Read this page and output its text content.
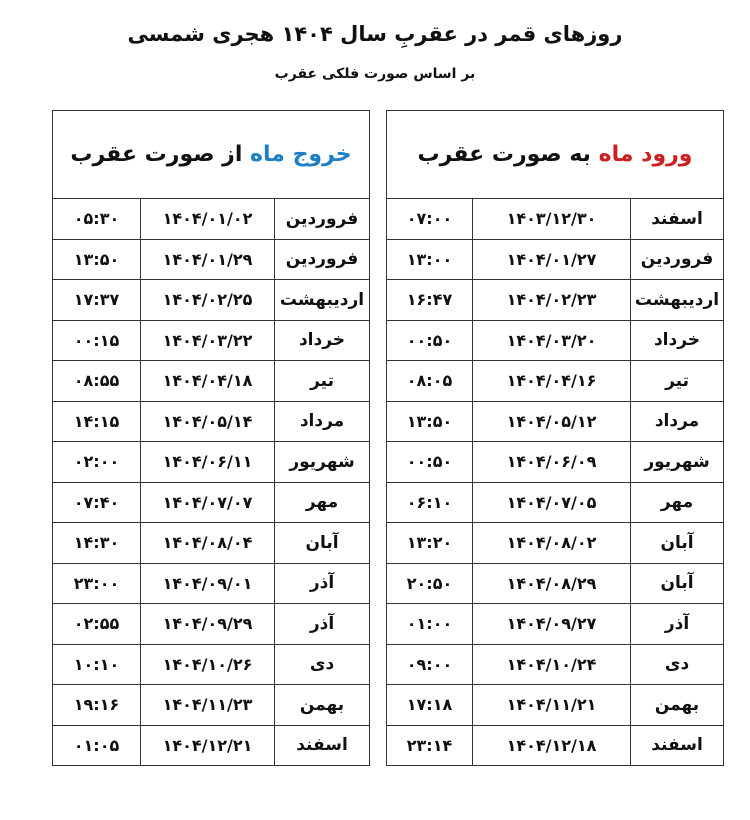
روزهای قمر در عقربِ سال ۱۴۰۴ هجری شمسی
بر اساس صورت فلکی عقرب
ورود ماه به صورت عقرب		
اسفند	۱۴۰۳/۱۲/۳۰	۰۷:۰۰
فروردین	۱۴۰۴/۰۱/۲۷	۱۳:۰۰
اردیبهشت	۱۴۰۴/۰۲/۲۳	۱۶:۴۷
خرداد	۱۴۰۴/۰۳/۲۰	۰۰:۵۰
تیر	۱۴۰۴/۰۴/۱۶	۰۸:۰۵
مرداد	۱۴۰۴/۰۵/۱۲	۱۳:۵۰
شهریور	۱۴۰۴/۰۶/۰۹	۰۰:۵۰
مهر	۱۴۰۴/۰۷/۰۵	۰۶:۱۰
آبان	۱۴۰۴/۰۸/۰۲	۱۳:۲۰
آبان	۱۴۰۴/۰۸/۲۹	۲۰:۵۰
آذر	۱۴۰۴/۰۹/۲۷	۰۱:۰۰
دی	۱۴۰۴/۱۰/۲۴	۰۹:۰۰
بهمن	۱۴۰۴/۱۱/۲۱	۱۷:۱۸
اسفند	۱۴۰۴/۱۲/۱۸	۲۳:۱۴
خروج ماه از صورت عقرب		
فروردین	۱۴۰۴/۰۱/۰۲	۰۵:۳۰
فروردین	۱۴۰۴/۰۱/۲۹	۱۳:۵۰
اردیبهشت	۱۴۰۴/۰۲/۲۵	۱۷:۳۷
خرداد	۱۴۰۴/۰۳/۲۲	۰۰:۱۵
تیر	۱۴۰۴/۰۴/۱۸	۰۸:۵۵
مرداد	۱۴۰۴/۰۵/۱۴	۱۴:۱۵
شهریور	۱۴۰۴/۰۶/۱۱	۰۲:۰۰
مهر	۱۴۰۴/۰۷/۰۷	۰۷:۴۰
آبان	۱۴۰۴/۰۸/۰۴	۱۴:۳۰
آذر	۱۴۰۴/۰۹/۰۱	۲۳:۰۰
آذر	۱۴۰۴/۰۹/۲۹	۰۲:۵۵
دی	۱۴۰۴/۱۰/۲۶	۱۰:۱۰
بهمن	۱۴۰۴/۱۱/۲۳	۱۹:۱۶
اسفند	۱۴۰۴/۱۲/۲۱	۰۱:۰۵
